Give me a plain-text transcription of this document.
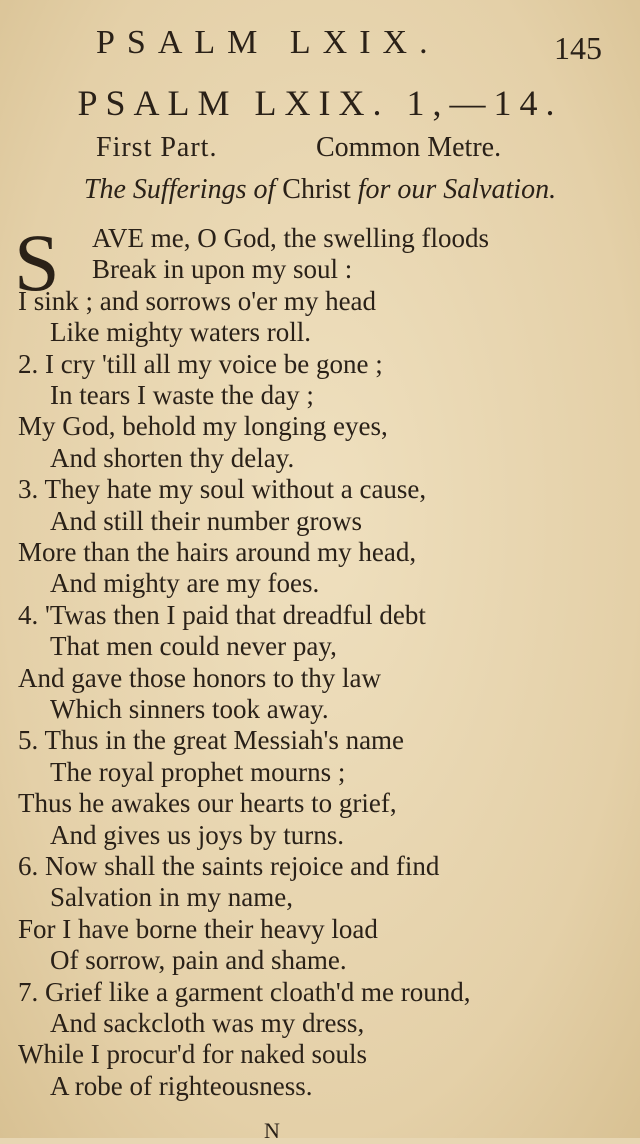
PSALM LXIX.	145
PSALM LXIX. 1,—14.
First Part.	Common Metre.
The Sufferings of Christ for our Salvation.
S AVE me, O God, the swelling floods
Break in upon my soul :
I sink ; and sorrows o'er my head
Like mighty waters roll.
2. I cry 'till all my voice be gone ;
In tears I waste the day ;
My God, behold my longing eyes,
And shorten thy delay.
3. They hate my soul without a cause,
And still their number grows
More than the hairs around my head,
And mighty are my foes.
4. 'Twas then I paid that dreadful debt
That men could never pay,
And gave those honors to thy law
Which sinners took away.
5. Thus in the great Messiah's name
The royal prophet mourns ;
Thus he awakes our hearts to grief,
And gives us joys by turns.
6. Now shall the saints rejoice and find
Salvation in my name,
For I have borne their heavy load
Of sorrow, pain and shame.
7. Grief like a garment cloath'd me round,
And sackcloth was my dress,
While I procur'd for naked souls
A robe of righteousness.
N
